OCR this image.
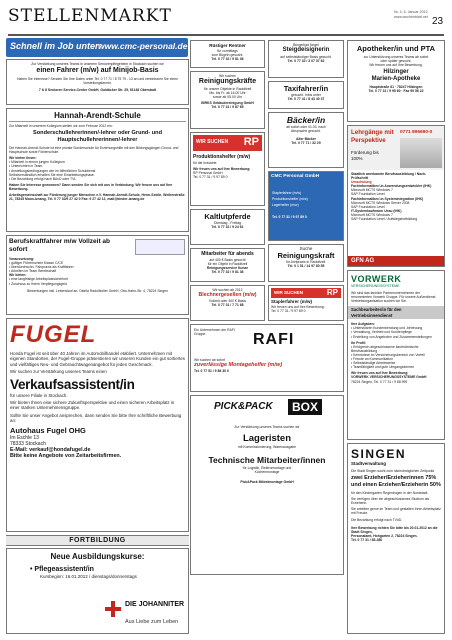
STELLENMARKT	Nr. 4, 6. Januar 2012
www.wochenblatt.net 23
Schnell im Job unter:
www.cmc-personal.de
Zur Verstärkung unseres Teams in unserem Seniorenpflegeheim in Stockach suchen wir
einen Fahrer (m/w) auf Minijob-Basis
Haben Sie Interesse? Senden Sie Ihre Daten unter Tel. 0 77 71 / 8 75 79 - 13 an und vereinbaren Sie einen Vorstellungstermin.
7 & 8 Senioren Service-Center GmbH, Goldäcker Str. 25, 61148 Oberstadt
Hannah-Arendt-Schule
Zur Mitarbeit in unserem Kollegium stellen wir zum Februar 2012 ein:
Sonderschullehrerinnen/-lehrer oder Grund- und Hauptschullehrerinnen/-lehrer
Die Hannah-Arendt-Schule ist eine private Sonderschule für Erziehungshilfe mit den Bildungsgängen Grund- und Hauptschule sowie Förderschule.
Wir bieten Ihnen:
• Mitarbeit in einem jungen Kollegium
• Unterrichten in Team
• Anstellungsbedingungen wie im öffentlichen Schuldienst
Selbstverständlich erhalten Sie eine Einarbeitungsphase.
• Die Bezahlung erfolgt nach BAvD oder TVL
Haben Sie Interesse gewonnen? Dann senden Sie sich mit uns in Verbindung. Wir freuen uns auf Ihre Bewerbung.
Arbeitsgemeinschaft zur Förderung junger Menschen e.V. Hannah-Arendt-Schule, Herm-Seidle, Weiherstraße 21, 78345 Moos-Iznang, Tel. 0 77 32/9 27 42 0 Fax: 9 27 42 12, mail@kinder-iznang.de
Berufskraftfahrer m/w Vollzeit ab sofort
Voraussetzung:
• gültiger Führerschein Klasse C/CE
• überdurchschn. Fahrpraxis als Kraftfahrer
• Arbeiten im Team Bereitschaft
Wir bieten:
• eine langfristige Arbeitsplatzsicherheit
• Zuschuss zu Ihrem Verpflegungsgeld
Bewerbungen inkl. Lebenslauf an: Ostrila Radolfzeller GmbH, Otto-Hahn-Str. 4, 78224 Singen
FUGEL
Honda Fugel ist seit über 40 Jahren im Automobilhandel etabliert. Unternehmen mit eigenen Standorten, der Fugel-Gruppe präsentieren wir unseren Kunden ein gut sortiertes und vielfältiges Neu- und Gebrauchtwagenangebot für jeden Geschmack.
Wir suchen zur Verstärkung unseres Teams einen
Verkaufsassistent/in
für unsere Filiale in Stockach.
Wir bieten Ihnen eine sichere Zukunftsperspektive und einen sicheren Arbeitsplatz in einer starken Unternehmensgruppe.
Sollte Sie unser Angebot ansprechen, dann senden Sie bitte Ihre schriftliche Bewerbung an:
Autohaus Fugel OHG
Im Eschle 13
78333 Stockach
E-Mail: verkauf@hondafugel.de
Bitte keine Angebote von Zeitarbeitsfirmen.
FORTBILDUNG
Neue Ausbildungskurse:
• Pflegeassistent/in
Kursbeginn: 16.01.2012 / dienstags/donnerstags
DIE JOHANNITER
Aus Liebe zum Leben
Rüstiger Rentner
für vormittags
zum Bügeln gesucht.
Tel. 0 77 32 / 9 81 36
Wir suchen
Reinigungskräfte
für unsere Objekte in Radolfzell
Mo. bis Fr. ab 16.00 Uhr
sowie ab 05.00 Uhr
BIRKS Gebäudereinigung GmbH
Tel. 0 77 41 / 9 87 65
WIR SUCHEN RP
Produktionshelfer (m/w)
für die Industrie.
Wir freuen uns auf Ihre Bewerbung:
RP Personal GmbH
Tel. 0 77 31 / 9 97 89 0
Kaltlutpferde
Dienstag - Freitag
Tel. 0 77 32 / 9 24 61
Mitarbeiter für abends
auf 400 € Basis gesucht
für ein Objekt in Radolfzell
Reinigungsservice Kunze
Tel. 0 77 32 / 9 81 36
Wir suchen ab 2012
Blechnergesellen (m/w)
Vollzeit oder 400 € Basis
Tel. 0 77 31 / 7 71 68
Ein Unternehmen der RAFI Gruppe	RAFI
Wir suchen ab sofort
zuverlässige Montagehelfer (m/w)
Tel. 0 77 51 / 9 88 30 0
PICK&PACK	BOX
Zur Verstärkung unseres Teams suchen wir
Lageristen
mit Kommissionierung, Warenausgabe
Technische Mitarbeiter/innen
für Logistik, Elektromontage und
Küchenmontage
Pick&Pack Möbelmontage GmbH
Bürgerbad Nogel
Steigdeisignerin
auf selbstständiger Basis gesucht.
Tel. 0 77 32 / 3 07 37 62
Taxifahrer/in
gesucht. Infos unter
Tel. 0 77 41 / 8 43 40 37
Bäcker/in
ab sofort oder 01.03. nach
Absprache gesucht.
Alter Bäcker
Tel. 0 77 71 / 32 29
CMC Personal GmbH
Staplerfahrer (m/w)
Produktionshelfer (m/w)
Lagerhelfer (m/w)
Tel. 0 77 31 / 9 97 89 0
Suche
Reinigungskraft
für Arztpraxis in Radolfzell.
Tel. 0 1 51 / 14 97 80 55
WIR SUCHEN	RP
Staplerfahrer (m/w)
Wir freuen uns auf Ihre Bewerbung:
Tel. 0 77 31 / 9 97 89 0
Apotheker/in und PTA
zur Unterstützung unseres Teams ab sofort
oder später gesucht.
Wir freuen uns auf Ihre Bewerbung.
Hilzinger
Marien-Apotheke
Hauptstraße 61 · 78247 Hilzingen
Tel. 0 77 31 / 9 95 60 · Fax 99 56 22
Lehrgänge mit Perspektive
0771 896690-0
Förderung bis 100%
Staatlich anerkannte Berufsausbildung / Nach-Prüfschritt
Umschulung
Fachinformatiker/-in Anwendungsentwickler (IHK)
Microsoft MCTS Windows 7
SAP Foundation Level
Fachinformatiker/-in Systemintegration (IHK)
Microsoft MCTS Windows Server 2008
SAP Foundation Level
IT-Systemkaufmann /-frau (IHK)
Microsoft MCTS Windows 7
SAP Foundation Level / Aufstiegsfortbildung
GFN AG
VORWERK
VERSICHERUNGSSYSTEME
Wir sind das fachlich Partnerunternehmen der renommierten Vorwerk Gruppe. Für unsere Außendienst Vertriebsorganisation suchen wir Sie.
Sachbearbeiter/in für den Vertriebsinnendienst
Ihre Aufgaben:
• Unterstützen Kundenberatung und -betreuung
• Verwaltung, Vertrieb und Kundenpflege
• Erstellung von Angeboten und Zusammenstellungen
Ihr Profil:
• Erfolgreich abgeschlossene kaufmännische Berufsausbildung
• Kenntnisse im Versicherungsbereich von Vorteil
• Freude an Kommunikation
• Selbstständige Arbeitsweise
• Teamfähigkeit und gute Umgangsformen
Wir freuen uns auf Ihre Bewerbung:
VORWERK VERSICHERUNGSSYSTEME GmbH
78224 Singen, Tel. 0 77 31 / 9 88 999
SINGEN
Stadtverwaltung
Die Stadt Singen sucht zum nächstmöglichen Zeitpunkt
zwei Erzieher/Erzieherinnen 75% und einen Erzieher/Erzieherin 50%
für den Kindergarten Regenbogen in der Nordstadt.
Sie verfügen über ein abgeschlossenes Studium als Erzieherin.
Sie arbeiten gerne im Team und gestalten Ihren Arbeitsplatz mit Freude.
Die Bezahlung erfolgt nach TVöD.
Ihre Bewerbung richten Sie bitte bis 20.01.2012 an die Stadt Singen,
Personalamt, Hohgarten 2, 78224 Singen.
Tel. 0 77 31 / 85-380
